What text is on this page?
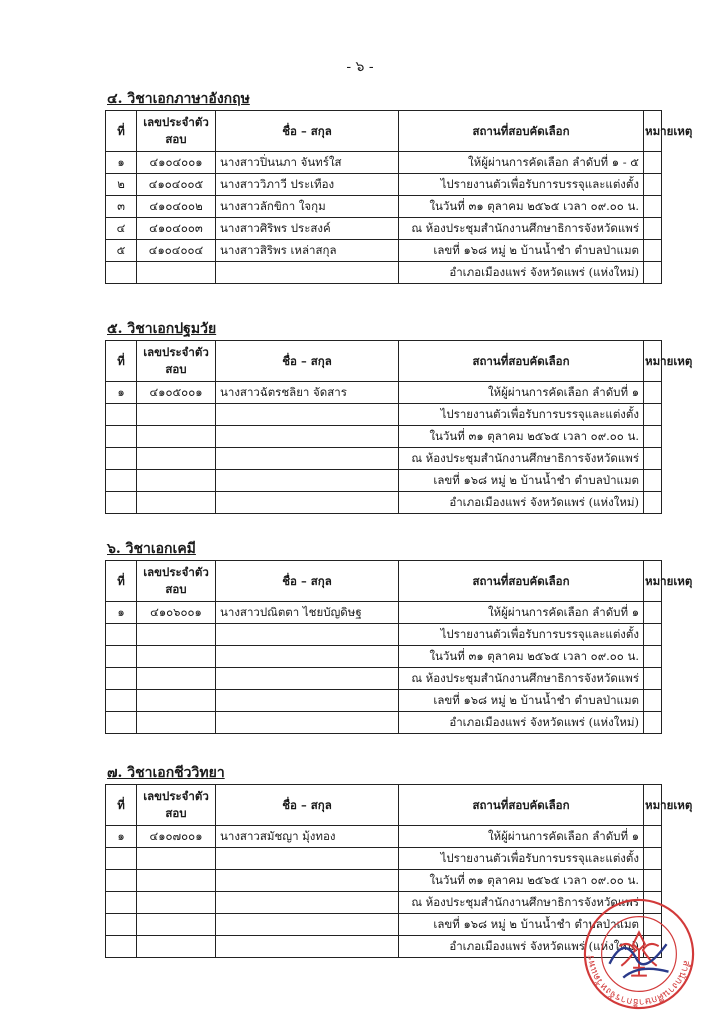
- ๖ -
๔. วิชาเอกภาษาอังกฤษ
ที่	เลขประจำตัวสอบ	ชื่อ – สกุล	สถานที่สอบคัดเลือก	หมายเหตุ
๑	๔๑๐๔๐๐๑	นางสาวปิ่นนภา จันทร์ใส	ให้ผู้ผ่านการคัดเลือก ลำดับที่ ๑ - ๕	
๒	๔๑๐๔๐๐๕	นางสาววิภาวี ประเทือง	ไปรายงานตัวเพื่อรับการบรรจุและแต่งตั้ง	
๓	๔๑๐๔๐๐๒	นางสาวลักขิกา ใจกุม	ในวันที่ ๓๑ ตุลาคม ๒๕๖๕ เวลา ๐๙.๐๐ น.	
๔	๔๑๐๔๐๐๓	นางสาวศิริพร ประสงค์	ณ ห้องประชุมสำนักงานศึกษาธิการจังหวัดแพร่	
๕	๔๑๐๔๐๐๔	นางสาวสิริพร เหล่าสกุล	เลขที่ ๑๖๘ หมู่ ๒ บ้านน้ำชำ ตำบลป่าแมต	
			อำเภอเมืองแพร่ จังหวัดแพร่ (แห่งใหม่)	
๕. วิชาเอกปฐมวัย
ที่	เลขประจำตัวสอบ	ชื่อ – สกุล	สถานที่สอบคัดเลือก	หมายเหตุ
๑	๔๑๐๕๐๐๑	นางสาวฉัตรชลิยา จัดสาร	ให้ผู้ผ่านการคัดเลือก ลำดับที่ ๑	
			ไปรายงานตัวเพื่อรับการบรรจุและแต่งตั้ง	
			ในวันที่ ๓๑ ตุลาคม ๒๕๖๕ เวลา ๐๙.๐๐ น.	
			ณ ห้องประชุมสำนักงานศึกษาธิการจังหวัดแพร่	
			เลขที่ ๑๖๘ หมู่ ๒ บ้านน้ำชำ ตำบลป่าแมต	
			อำเภอเมืองแพร่ จังหวัดแพร่ (แห่งใหม่)	
๖. วิชาเอกเคมี
ที่	เลขประจำตัวสอบ	ชื่อ – สกุล	สถานที่สอบคัดเลือก	หมายเหตุ
๑	๔๑๐๖๐๐๑	นางสาวปณิตตา ไชยบัญดิษฐ	ให้ผู้ผ่านการคัดเลือก ลำดับที่ ๑	
			ไปรายงานตัวเพื่อรับการบรรจุและแต่งตั้ง	
			ในวันที่ ๓๑ ตุลาคม ๒๕๖๕ เวลา ๐๙.๐๐ น.	
			ณ ห้องประชุมสำนักงานศึกษาธิการจังหวัดแพร่	
			เลขที่ ๑๖๘ หมู่ ๒ บ้านน้ำชำ ตำบลป่าแมต	
			อำเภอเมืองแพร่ จังหวัดแพร่ (แห่งใหม่)	
๗. วิชาเอกชีววิทยา
ที่	เลขประจำตัวสอบ	ชื่อ – สกุล	สถานที่สอบคัดเลือก	หมายเหตุ
๑	๔๑๐๗๐๐๑	นางสาวสมัชญา มุ้งทอง	ให้ผู้ผ่านการคัดเลือก ลำดับที่ ๑	
			ไปรายงานตัวเพื่อรับการบรรจุและแต่งตั้ง	
			ในวันที่ ๓๑ ตุลาคม ๒๕๖๕ เวลา ๐๙.๐๐ น.	
			ณ ห้องประชุมสำนักงานศึกษาธิการจังหวัดแพร่	
			เลขที่ ๑๖๘ หมู่ ๒ บ้านน้ำชำ ตำบลป่าแมต	
			อำเภอเมืองแพร่ จังหวัดแพร่ (แห่งใหม่)	
สำนักงานศึกษาธิการจังหวัดแพร่
